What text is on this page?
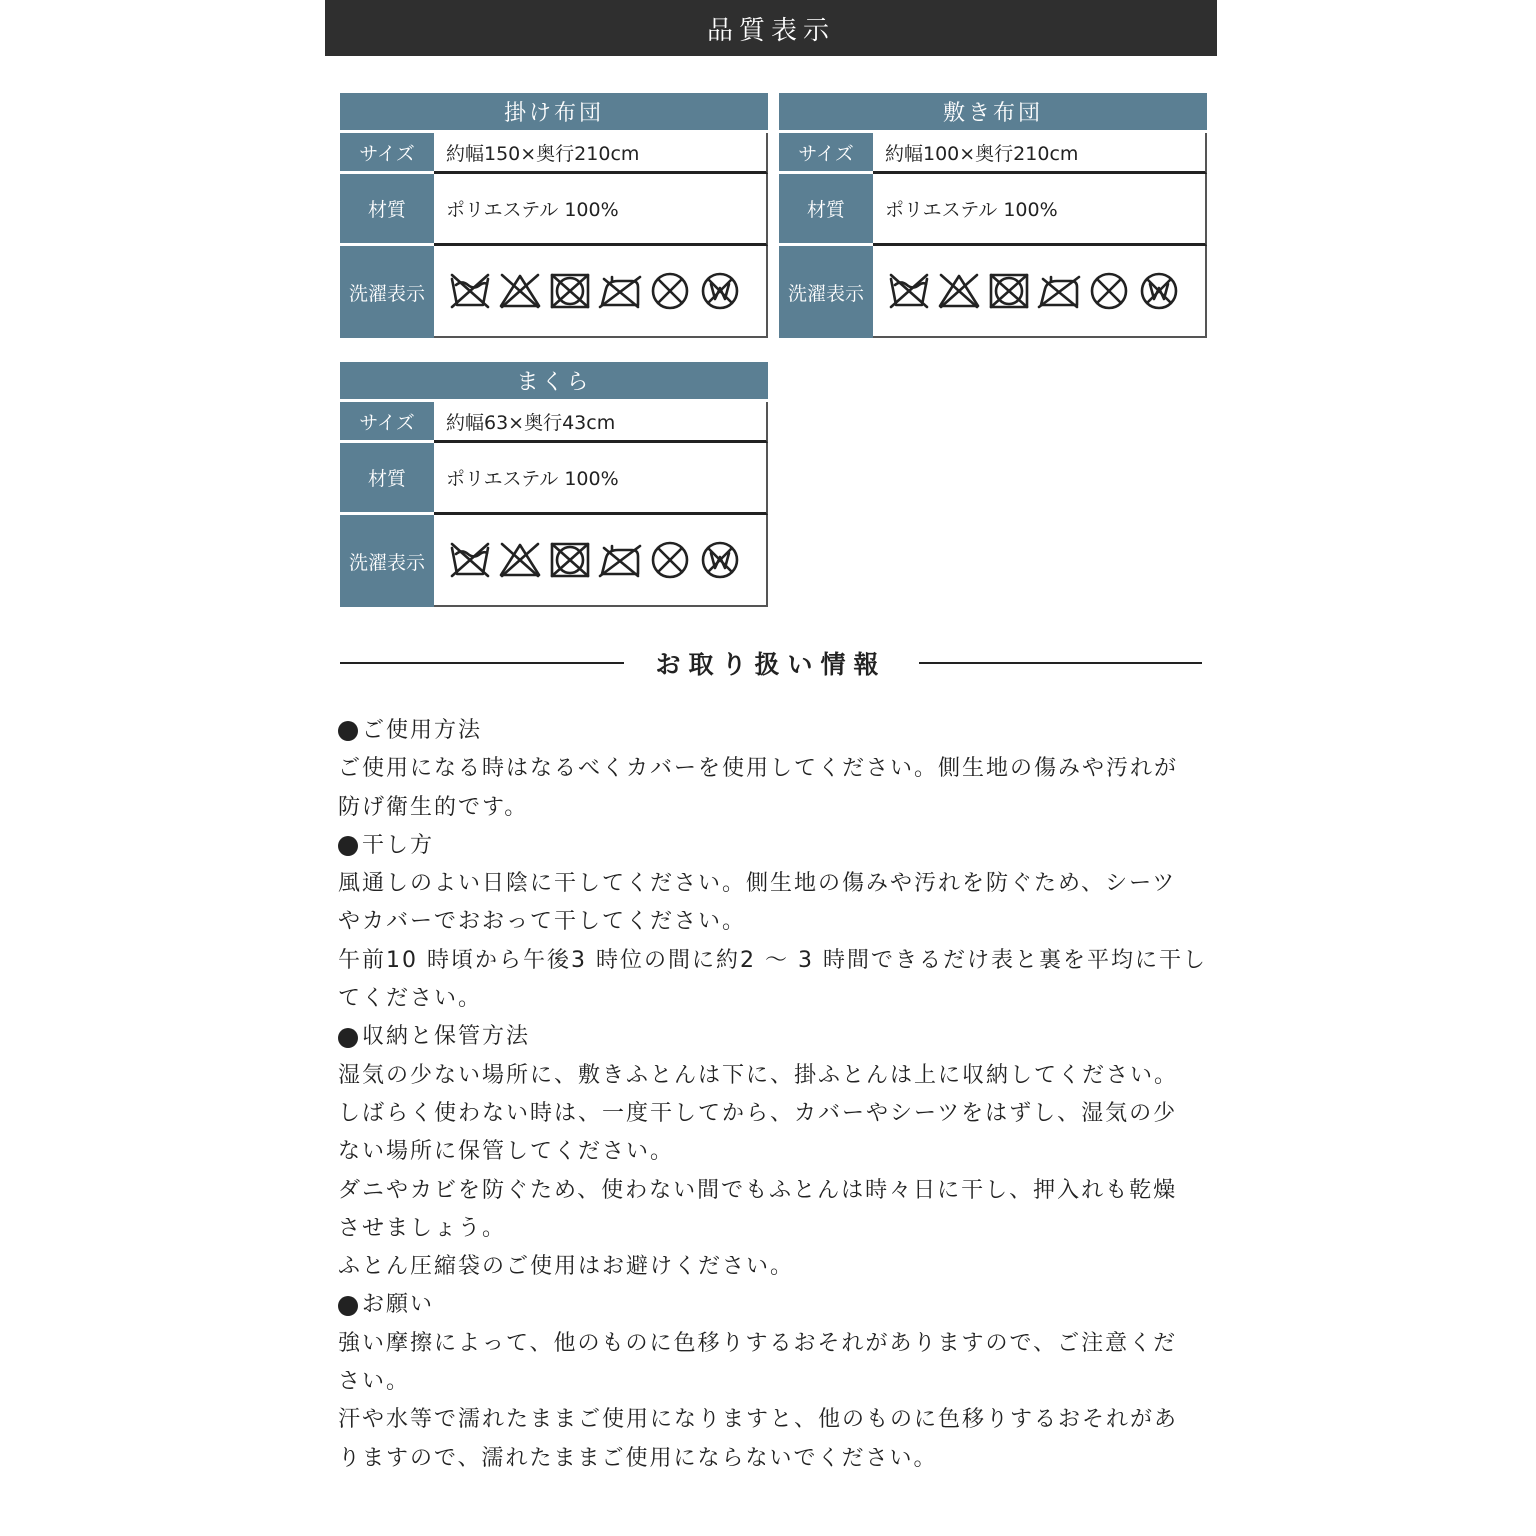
品質表示
掛け布団
サイズ	約幅150×奥行210cm
材質	ポリエステル 100%
洗濯表示
敷き布団
サイズ	約幅100×奥行210cm
材質	ポリエステル 100%
洗濯表示
まくら
サイズ	約幅63×奥行43cm
材質	ポリエステル 100%
洗濯表示
お取り扱い情報
ご使用方法
ご使用になる時はなるべくカバーを使用してください。側生地の傷みや汚れが
防げ衛生的です。
干し方
風通しのよい日陰に干してください。側生地の傷みや汚れを防ぐため、シーツ
やカバーでおおって干してください。
午前10 時頃から午後3 時位の間に約2 ～ 3 時間できるだけ表と裏を平均に干し
てください。
収納と保管方法
湿気の少ない場所に、敷きふとんは下に、掛ふとんは上に収納してください。
しばらく使わない時は、一度干してから、カバーやシーツをはずし、湿気の少
ない場所に保管してください。
ダニやカビを防ぐため、使わない間でもふとんは時々日に干し、押入れも乾燥
させましょう。
ふとん圧縮袋のご使用はお避けください。
お願い
強い摩擦によって、他のものに色移りするおそれがありますので、ご注意くだ
さい。
汗や水等で濡れたままご使用になりますと、他のものに色移りするおそれがあ
りますので、濡れたままご使用にならないでください。
